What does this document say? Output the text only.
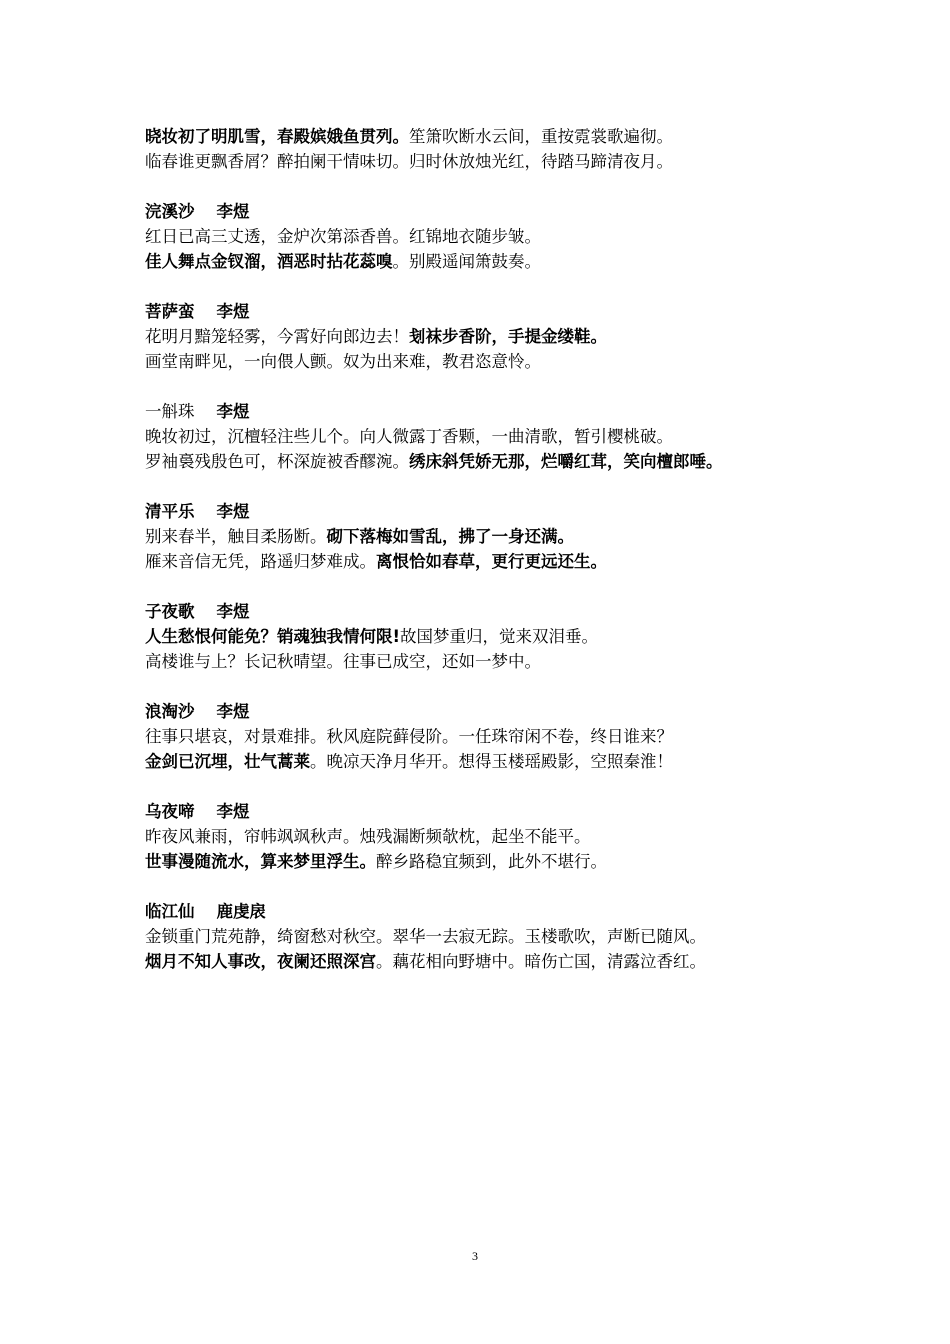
晓妆初了明肌雪，春殿嫔娥鱼贯列。笙箫吹断水云间，重按霓裳歌遍彻。
临春谁更飘香屑？醉拍阑干情味切。归时休放烛光红，待踏马蹄清夜月。
浣溪沙 李煜
红日已高三丈透，金炉次第添香兽。红锦地衣随步皱。
佳人舞点金钗溜，酒恶时拈花蕊嗅。别殿遥闻箫鼓奏。
菩萨蛮 李煜
花明月黯笼轻雾，今霄好向郎边去！刬袜步香阶，手提金缕鞋。
画堂南畔见，一向偎人颤。奴为出来难，教君恣意怜。
一斛珠 李煜
晚妆初过，沉檀轻注些儿个。向人微露丁香颗，一曲清歌，暂引樱桃破。
罗袖裛残殷色可，杯深旋被香醪涴。绣床斜凭娇无那，烂嚼红茸，笑向檀郎唾。
清平乐 李煜
别来春半，触目柔肠断。砌下落梅如雪乱，拂了一身还满。
雁来音信无凭，路遥归梦难成。离恨恰如春草，更行更远还生。
子夜歌 李煜
人生愁恨何能免？销魂独我情何限!故国梦重归，觉来双泪垂。
高楼谁与上？长记秋晴望。往事已成空，还如一梦中。
浪淘沙 李煜
往事只堪哀，对景难排。秋风庭院藓侵阶。一任珠帘闲不卷，终日谁来？
金剑已沉埋，壮气蒿莱。晚凉天净月华开。想得玉楼瑶殿影，空照秦淮！
乌夜啼 李煜
昨夜风兼雨，帘帏飒飒秋声。烛残漏断频欹枕，起坐不能平。
世事漫随流水，算来梦里浮生。醉乡路稳宜频到，此外不堪行。
临江仙 鹿虔扆
金锁重门荒苑静，绮窗愁对秋空。翠华一去寂无踪。玉楼歌吹，声断已随风。
烟月不知人事改，夜阑还照深宫。藕花相向野塘中。暗伤亡国，清露泣香红。
3
